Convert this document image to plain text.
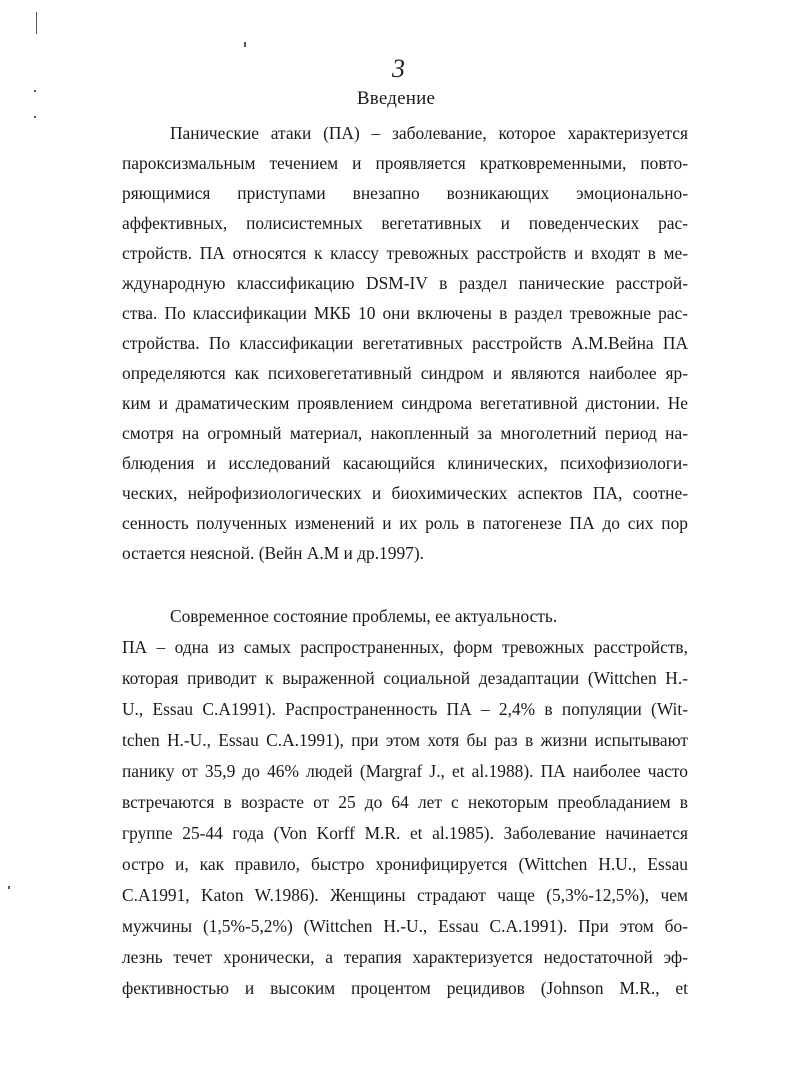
3
Введение
Панические атаки (ПА) – заболевание, которое характеризуется
пароксизмальным течением и проявляется кратковременными, повто-
ряющимися приступами внезапно возникающих эмоционально-
аффективных, полисистемных вегетативных и поведенческих рас-
стройств. ПА относятся к классу тревожных расстройств и входят в ме-
ждународную классификацию DSM-IV в раздел панические расстрой-
ства. По классификации МКБ 10 они включены в раздел тревожные рас-
стройства. По классификации вегетативных расстройств А.М.Вейна ПА
определяются как психовегетативный синдром и являются наиболее яр-
ким и драматическим проявлением синдрома вегетативной дистонии. Не
смотря на огромный материал, накопленный за многолетний период на-
блюдения и исследований касающийся клинических, психофизиологи-
ческих, нейрофизиологических и биохимических аспектов ПА, соотне-
сенность полученных изменений и их роль в патогенезе ПА до сих пор
остается неясной. (Вейн А.М и др.1997).
Современное состояние проблемы, ее актуальность.
ПА – одна из самых распространенных, форм тревожных расстройств,
которая приводит к выраженной социальной дезадаптации (Wittchen H.-
U., Essau C.A1991). Распространенность ПА – 2,4% в популяции (Wit-
tchen H.-U., Essau C.A.1991), при этом хотя бы раз в жизни испытывают
панику от 35,9 до 46% людей (Margraf J., et al.1988). ПА наиболее часто
встречаются в возрасте от 25 до 64 лет с некоторым преобладанием в
группе 25-44 года (Von Korff M.R. et al.1985). Заболевание начинается
остро и, как правило, быстро хронифицируется (Wittchen H.U., Essau
C.A1991, Katon W.1986). Женщины страдают чаще (5,3%-12,5%), чем
мужчины (1,5%-5,2%) (Wittchen H.-U., Essau C.A.1991). При этом бо-
лезнь течет хронически, а терапия характеризуется недостаточной эф-
фективностью и высоким процентом рецидивов (Johnson M.R., et
